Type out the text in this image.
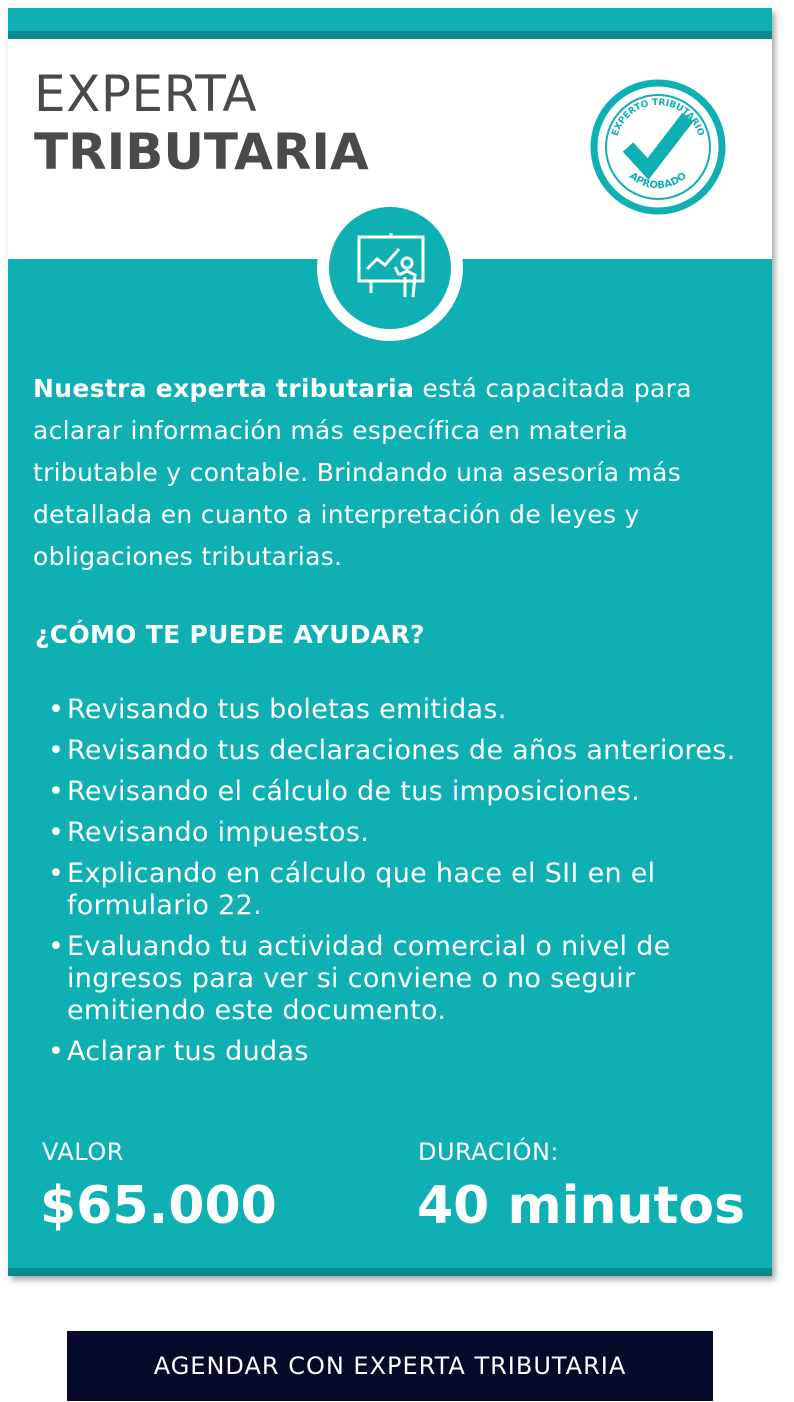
EXPERTA
TRIBUTARIA	EXPERTO TRIBUTARIO
APROBADO
Nuestra experta tributaria está capacitada para aclarar información más específica en materia tributable y contable. Brindando una asesoría más detallada en cuanto a interpretación de leyes y obligaciones tributarias.
¿CÓMO TE PUEDE AYUDAR?
• Revisando tus boletas emitidas.
• Revisando tus declaraciones de años anteriores.
• Revisando el cálculo de tus imposiciones.
• Revisando impuestos.
• Explicando en cálculo que hace el SII en el formulario 22.
• Evaluando tu actividad comercial o nivel de ingresos para ver si conviene o no seguir emitiendo este documento.
• Aclarar tus dudas
VALOR
$65.000
DURACIÓN:
40 minutos
AGENDAR CON EXPERTA TRIBUTARIA
